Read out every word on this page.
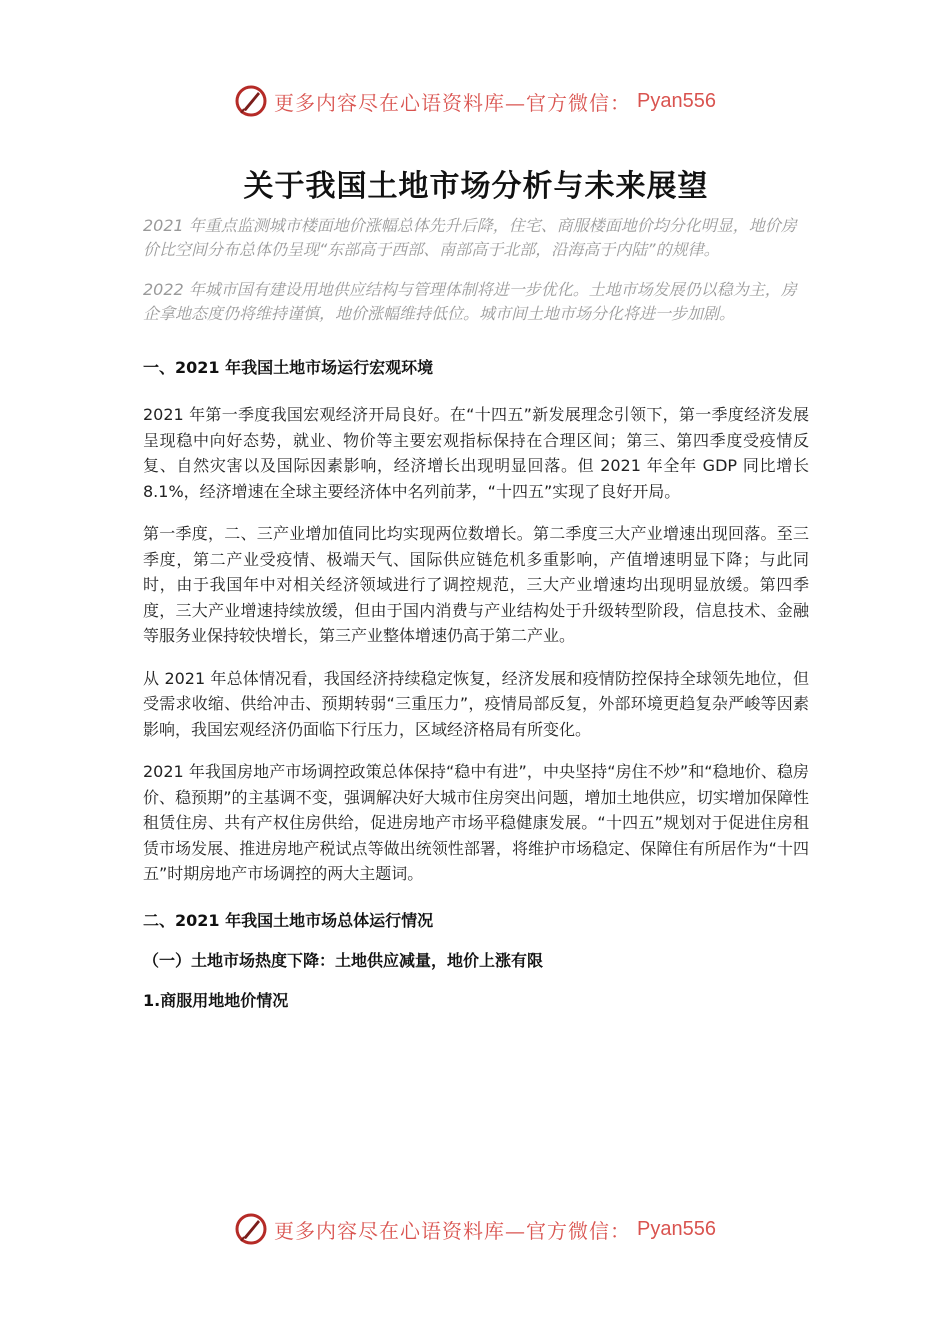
更多内容尽在心语资料库—官方微信： Pyan556
关于我国土地市场分析与未来展望

2021 年重点监测城市楼面地价涨幅总体先升后降，住宅、商服楼面地价均分化明显，地价房价比空间分布总体仍呈现“东部高于西部、南部高于北部，沿海高于内陆”的规律。

2022 年城市国有建设用地供应结构与管理体制将进一步优化。土地市场发展仍以稳为主，房企拿地态度仍将维持谨慎，地价涨幅维持低位。城市间土地市场分化将进一步加剧。

一、2021 年我国土地市场运行宏观环境

2021 年第一季度我国宏观经济开局良好。在“十四五”新发展理念引领下，第一季度经济发展呈现稳中向好态势，就业、物价等主要宏观指标保持在合理区间；第三、第四季度受疫情反复、自然灾害以及国际因素影响，经济增长出现明显回落。但 2021 年全年 GDP 同比增长 8.1%，经济增速在全球主要经济体中名列前茅，“十四五”实现了良好开局。

第一季度，二、三产业增加值同比均实现两位数增长。第二季度三大产业增速出现回落。至三季度，第二产业受疫情、极端天气、国际供应链危机多重影响，产值增速明显下降；与此同时，由于我国年中对相关经济领域进行了调控规范，三大产业增速均出现明显放缓。第四季度，三大产业增速持续放缓，但由于国内消费与产业结构处于升级转型阶段，信息技术、金融等服务业保持较快增长，第三产业整体增速仍高于第二产业。

从 2021 年总体情况看，我国经济持续稳定恢复，经济发展和疫情防控保持全球领先地位，但受需求收缩、供给冲击、预期转弱“三重压力”，疫情局部反复，外部环境更趋复杂严峻等因素影响，我国宏观经济仍面临下行压力，区域经济格局有所变化。

2021 年我国房地产市场调控政策总体保持“稳中有进”，中央坚持“房住不炒”和“稳地价、稳房价、稳预期”的主基调不变，强调解决好大城市住房突出问题，增加土地供应，切实增加保障性租赁住房、共有产权住房供给，促进房地产市场平稳健康发展。“十四五”规划对于促进住房租赁市场发展、推进房地产税试点等做出统领性部署，将维护市场稳定、保障住有所居作为“十四五”时期房地产市场调控的两大主题词。

二、2021 年我国土地市场总体运行情况

（一）土地市场热度下降：土地供应减量，地价上涨有限

1.商服用地地价情况

更多内容尽在心语资料库—官方微信： Pyan556
